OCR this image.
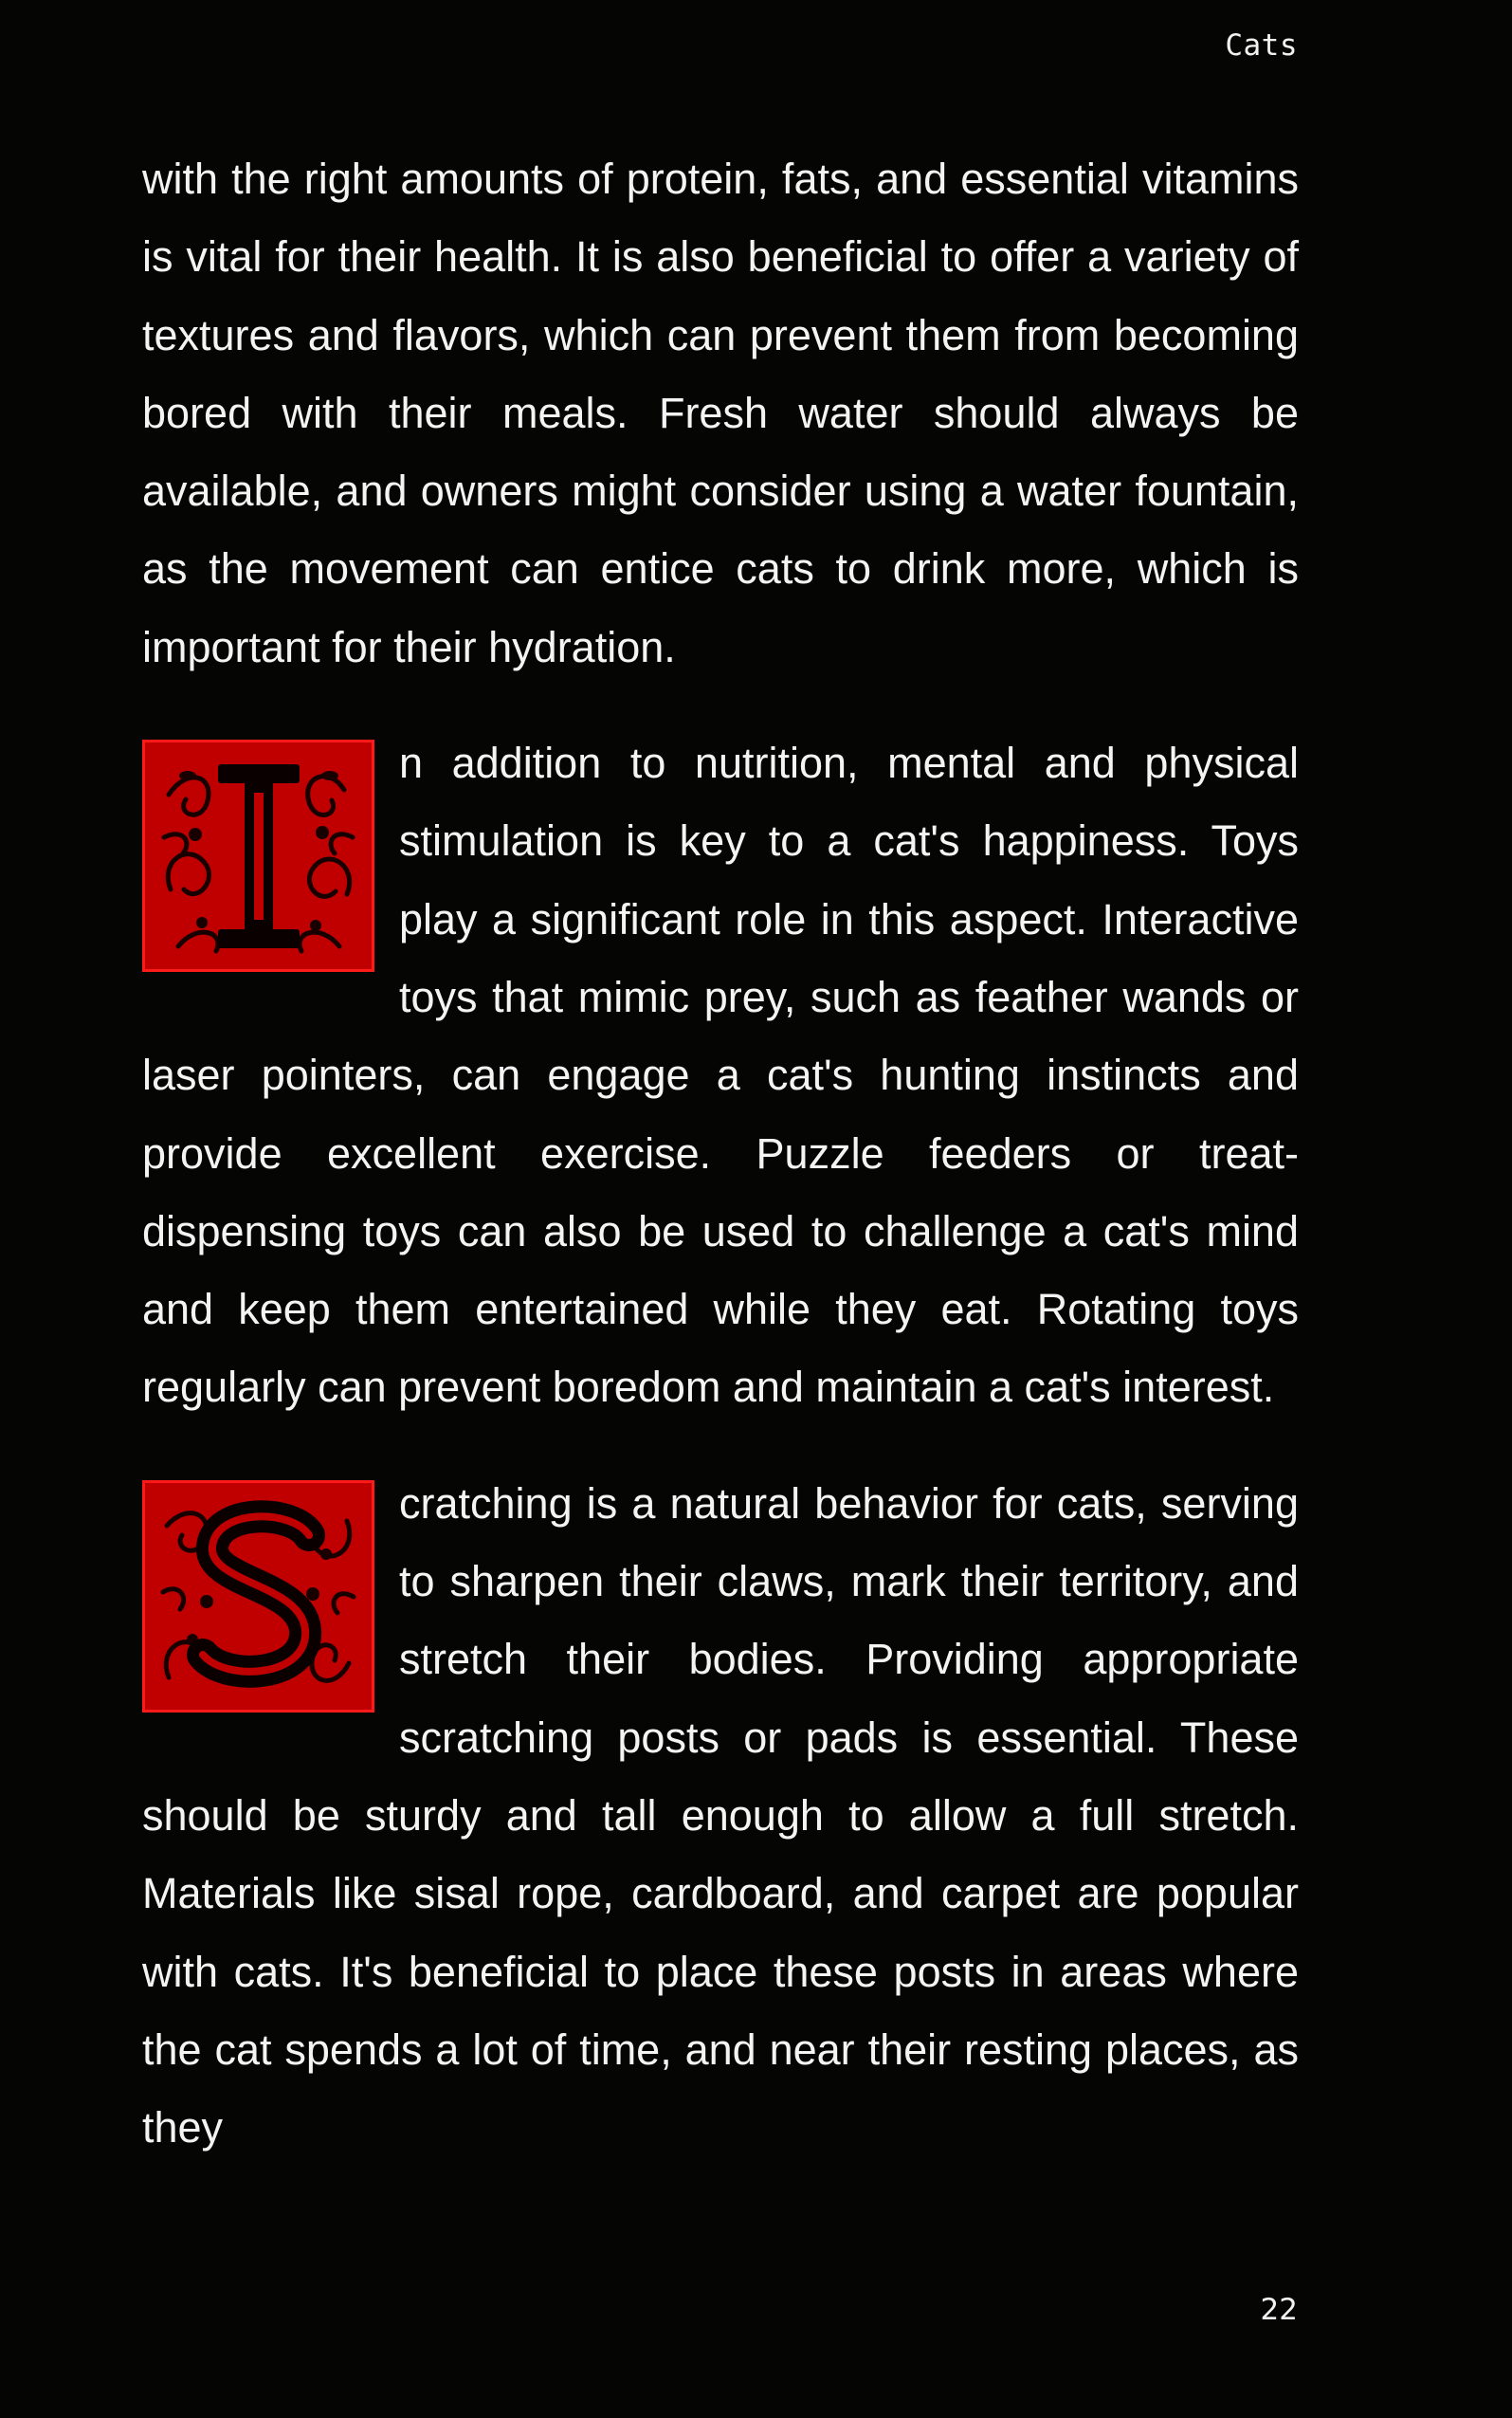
Cats

with the right amounts of protein, fats, and essential vitamins is vital for their health. It is also beneficial to offer a variety of textures and flavors, which can prevent them from becoming bored with their meals. Fresh water should always be available, and owners might consider using a water fountain, as the movement can entice cats to drink more, which is important for their hydration.

n addition to nutrition, mental and physical stimulation is key to a cat's happiness. Toys play a significant role in this aspect. Interactive toys that mimic prey, such as feather wands or laser pointers, can engage a cat's hunting instincts and provide excellent exercise. Puzzle feeders or treat-dispensing toys can also be used to challenge a cat's mind and keep them entertained while they eat. Rotating toys regularly can prevent boredom and maintain a cat's interest.

cratching is a natural behavior for cats, serving to sharpen their claws, mark their territory, and stretch their bodies. Providing appropriate scratching posts or pads is essential. These should be sturdy and tall enough to allow a full stretch. Materials like sisal rope, cardboard, and carpet are popular with cats. It's beneficial to place these posts in areas where the cat spends a lot of time, and near their resting places, as they

22
